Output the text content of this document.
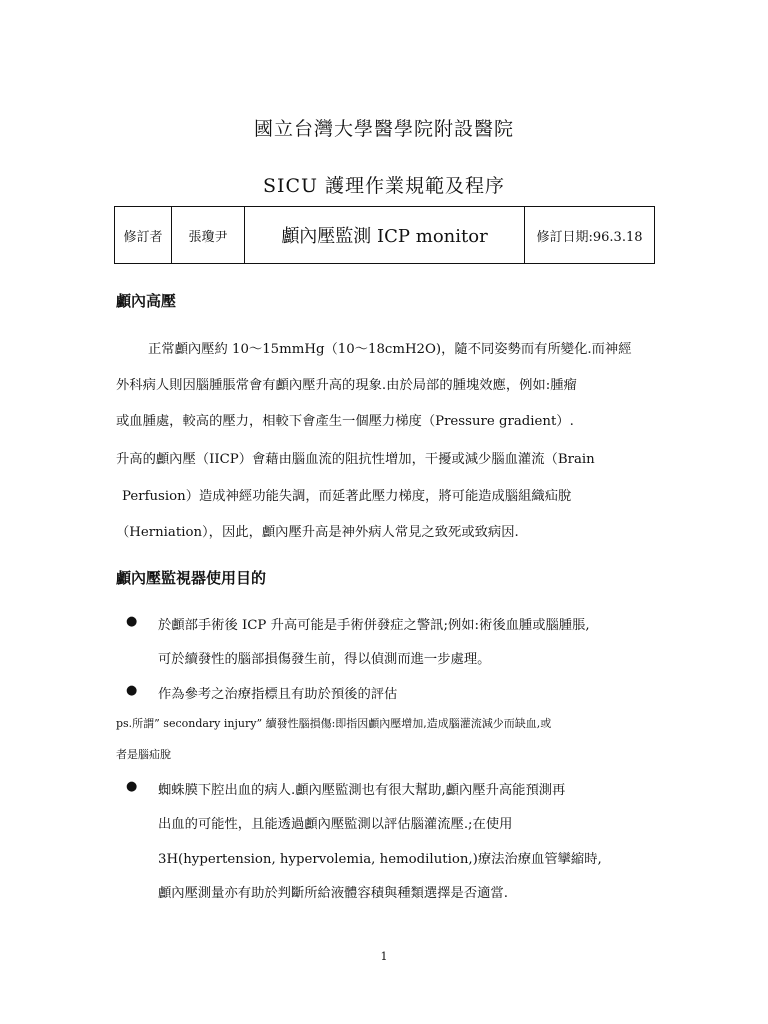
國立台灣大學醫學院附設醫院
SICU 護理作業規範及程序
修訂者	張瓊尹	顱內壓監測 ICP monitor	修訂日期:96.3.18
顱內高壓
正常顱內壓約 10～15mmHg（10～18cmH2O)，隨不同姿勢而有所變化.而神經
外科病人則因腦腫脹常會有顱內壓升高的現象.由於局部的腫塊效應，例如:腫瘤
或血腫處，較高的壓力，相較下會產生一個壓力梯度（Pressure gradient）.
升高的顱內壓（IICP）會藉由腦血流的阻抗性增加，干擾或減少腦血灌流（Brain
Perfusion）造成神經功能失調，而延著此壓力梯度，將可能造成腦組織疝脫
（Herniation），因此，顱內壓升高是神外病人常見之致死或致病因.
顱內壓監視器使用目的
● 於顱部手術後 ICP 升高可能是手術併發症之警訊;例如:術後血腫或腦腫脹,
可於續發性的腦部損傷發生前，得以偵測而進一步處理。
● 作為參考之治療指標且有助於預後的評估
ps.所謂” secondary injury” 續發性腦損傷:即指因顱內壓增加,造成腦灌流減少而缺血,或
者是腦疝脫
● 蜘蛛膜下腔出血的病人.顱內壓監測也有很大幫助,顱內壓升高能預測再
出血的可能性，且能透過顱內壓監測以評估腦灌流壓.;在使用
3H(hypertension, hypervolemia, hemodilution,)療法治療血管攣縮時,
顱內壓測量亦有助於判斷所給液體容積與種類選擇是否適當.
1
